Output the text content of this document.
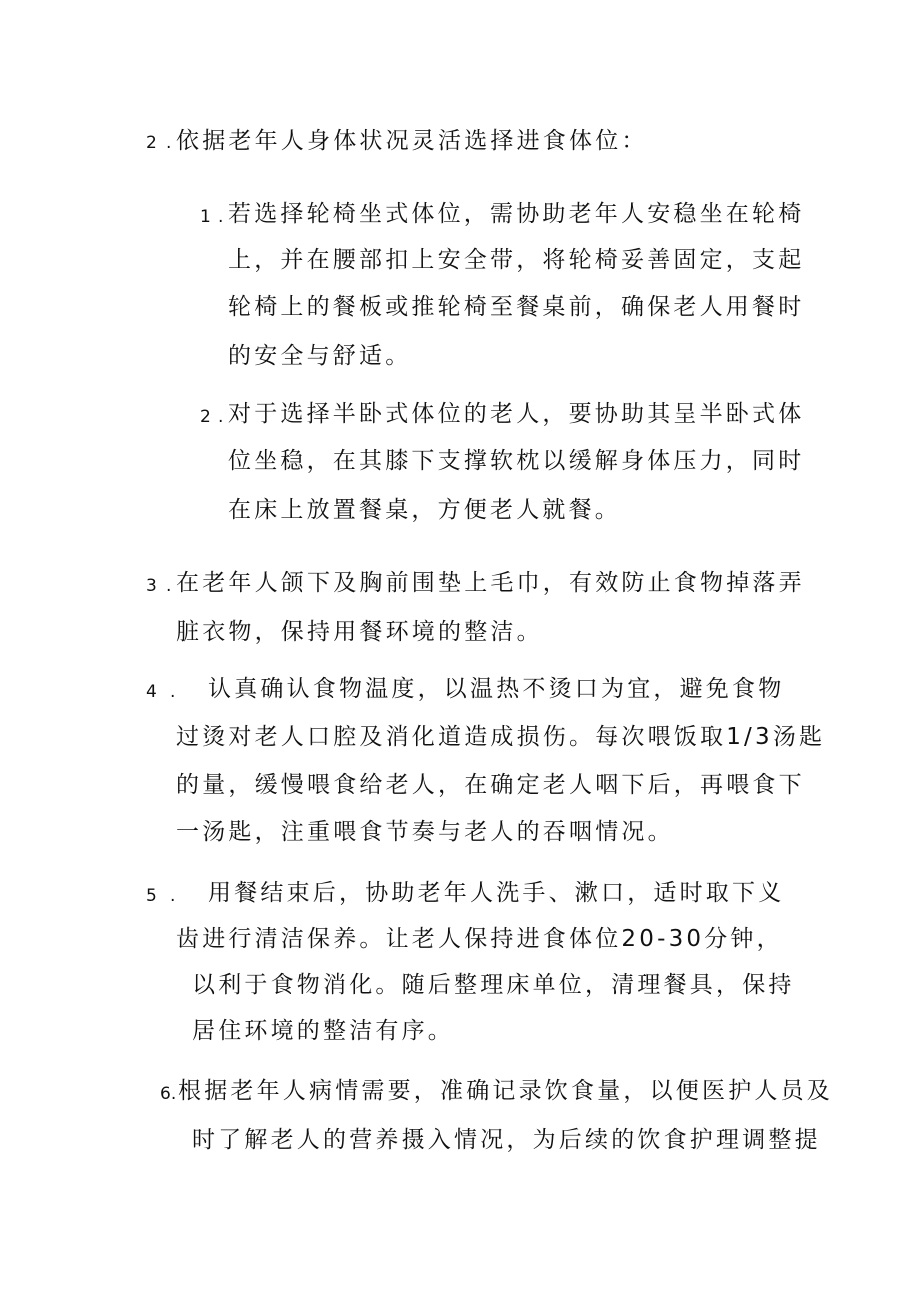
2 . 依据老年人身体状况灵活选择进食体位：
1 . 若选择轮椅坐式体位，需协助老年人安稳坐在轮椅
上，并在腰部扣上安全带，将轮椅妥善固定，支起
轮椅上的餐板或推轮椅至餐桌前，确保老人用餐时
的安全与舒适。
2 . 对于选择半卧式体位的老人，要协助其呈半卧式体
位坐稳，在其膝下支撑软枕以缓解身体压力，同时
在床上放置餐桌，方便老人就餐。
3 . 在老年人颌下及胸前围垫上毛巾，有效防止食物掉落弄
脏衣物，保持用餐环境的整洁。
4 . 认真确认食物温度，以温热不烫口为宜，避免食物
过烫对老人口腔及消化道造成损伤。每次喂饭取1/3汤匙
的量，缓慢喂食给老人，在确定老人咽下后，再喂食下
一汤匙，注重喂食节奏与老人的吞咽情况。
5 . 用餐结束后，协助老年人洗手、漱口，适时取下义
齿进行清洁保养。让老人保持进食体位20-30分钟，
以利于食物消化。随后整理床单位，清理餐具，保持
居住环境的整洁有序。
6. 根据老年人病情需要，准确记录饮食量，以便医护人员及
时了解老人的营养摄入情况，为后续的饮食护理调整提
